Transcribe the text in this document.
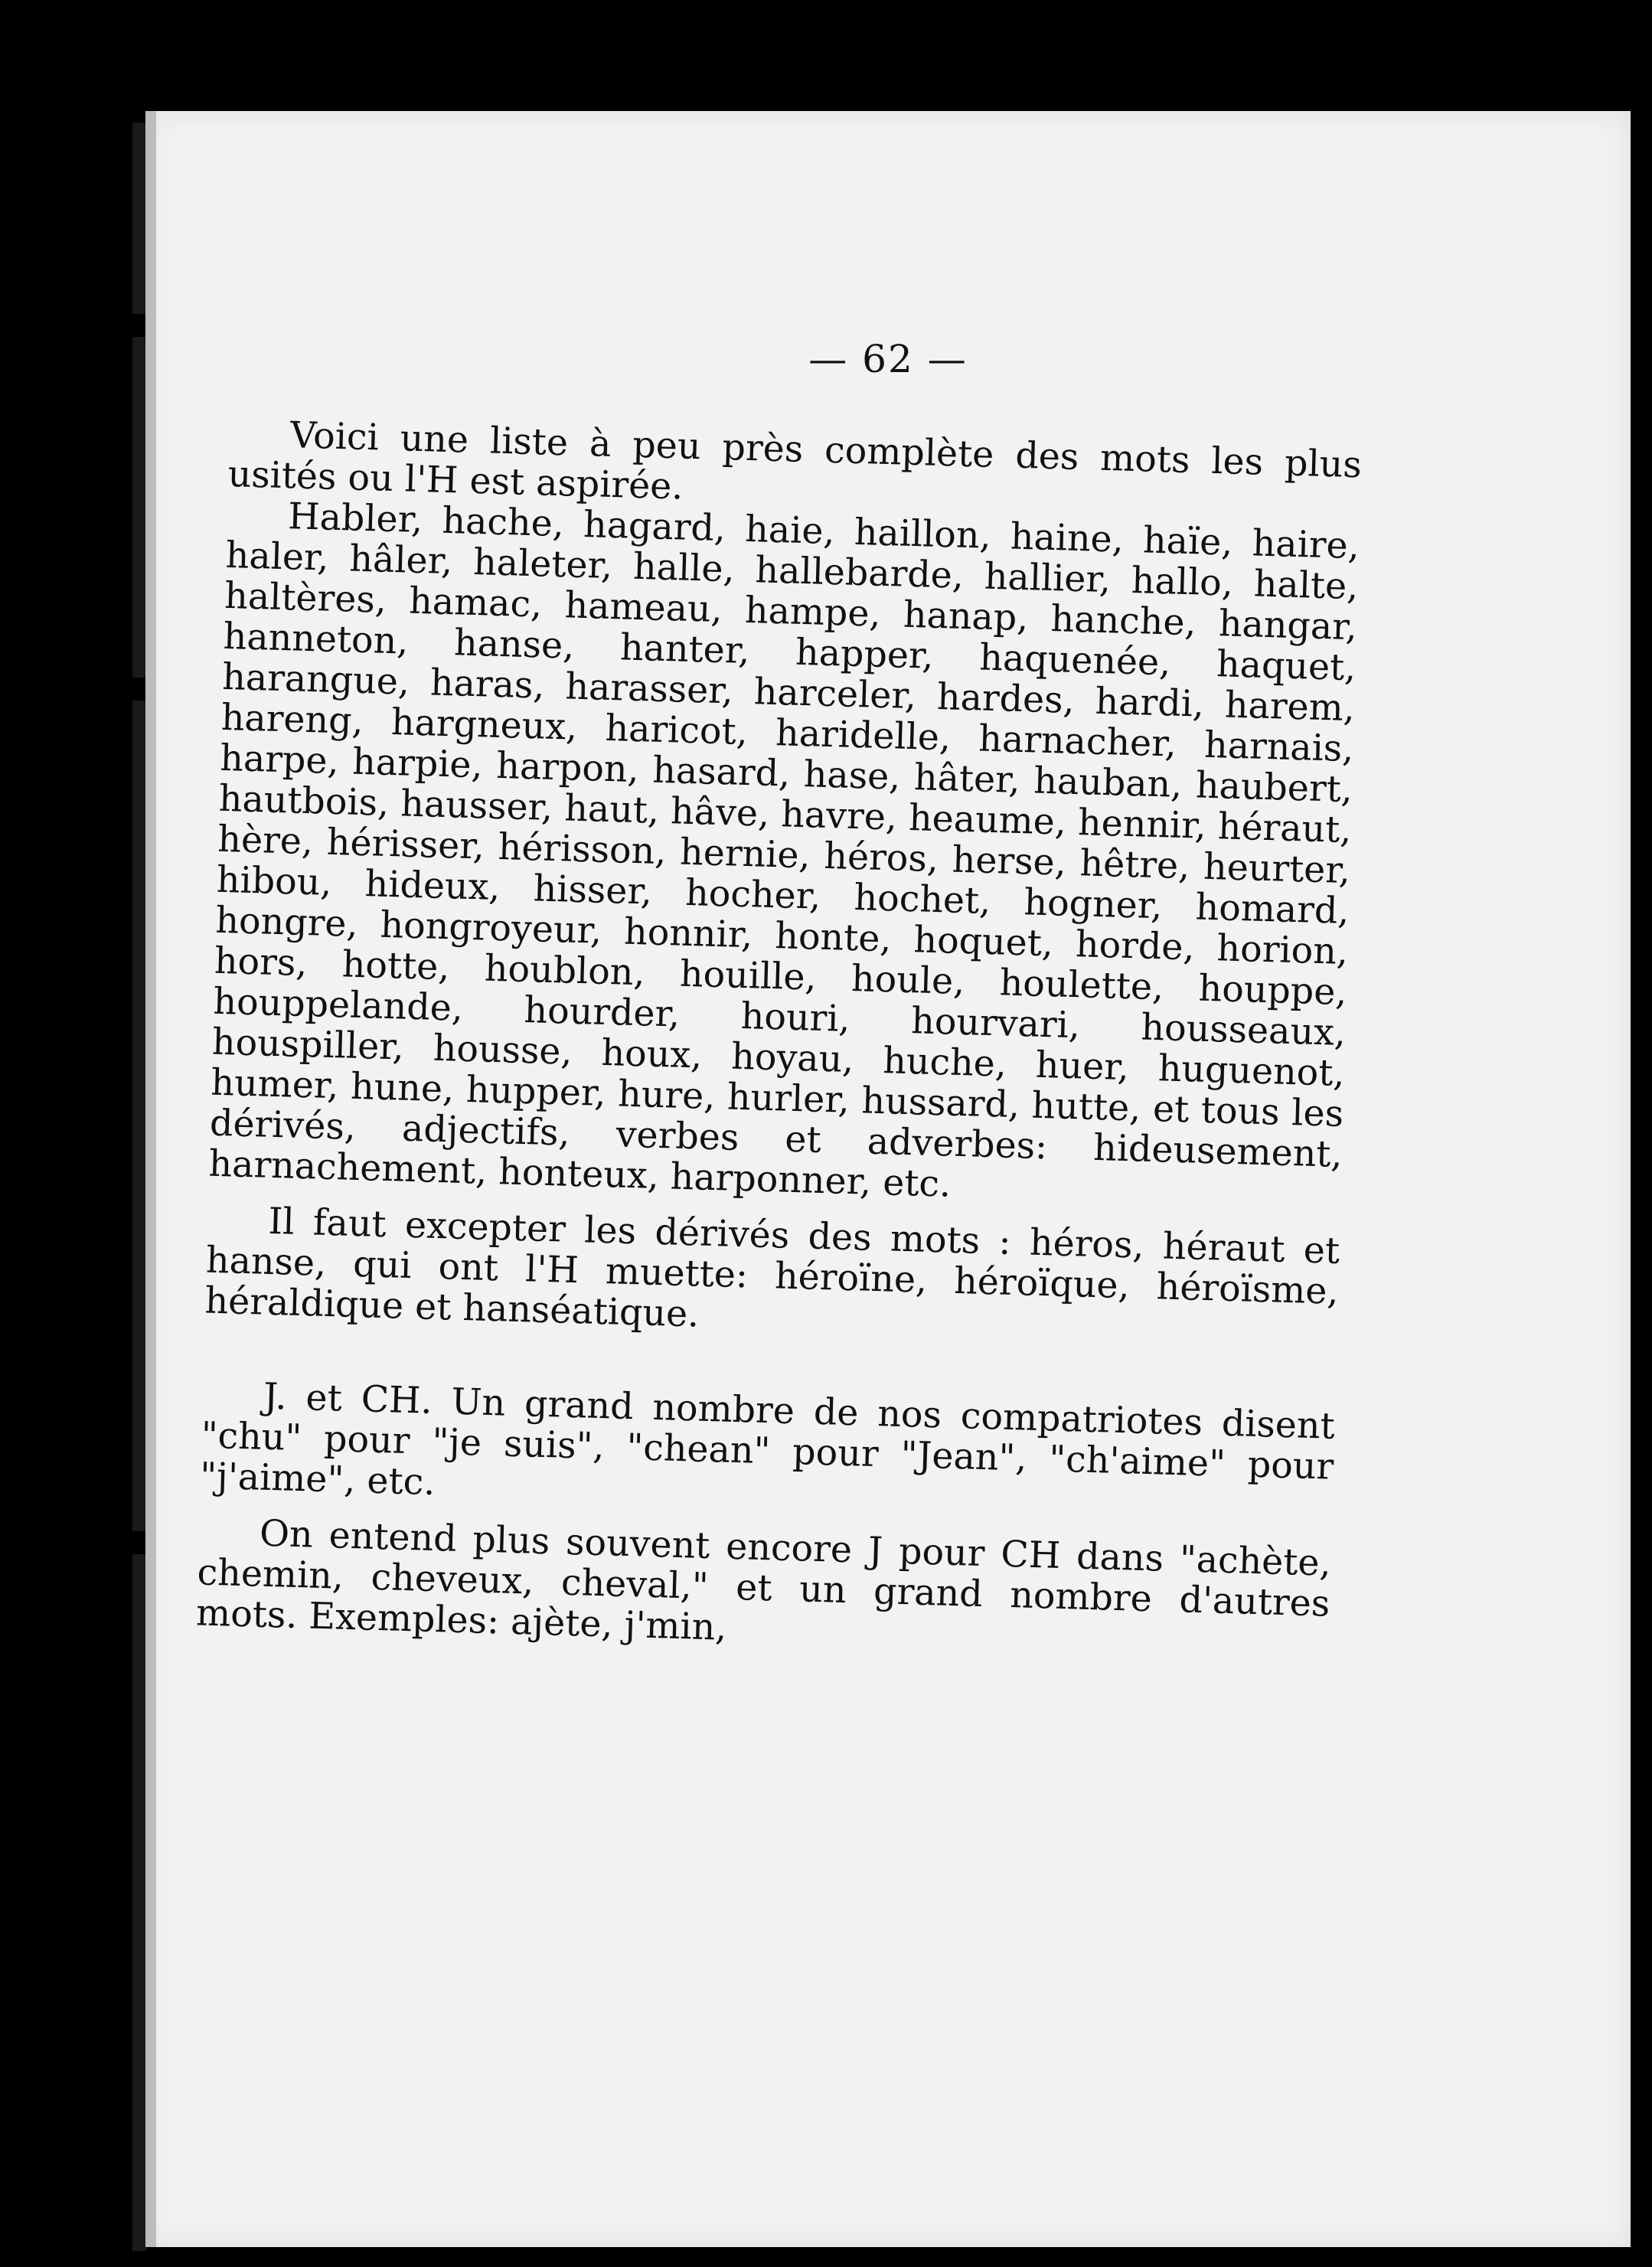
— 62 —

Voici une liste à peu près complète des mots les plus usités ou l'H est aspirée.

Habler, hache, hagard, haie, haillon, haine, haïe, haire, haler, hâler, haleter, halle, hallebarde, hallier, hallo, halte, haltères, hamac, hameau, hampe, hanap, hanche, hangar, hanneton, hanse, hanter, happer, haquenée, haquet, harangue, haras, harasser, harceler, hardes, hardi, harem, hareng, hargneux, haricot, haridelle, harnacher, harnais, harpe, harpie, harpon, hasard, hase, hâter, hauban, haubert, hautbois, hausser, haut, hâve, havre, heaume, hennir, héraut, hère, hérisser, hérisson, hernie, héros, herse, hêtre, heurter, hibou, hideux, hisser, hocher, hochet, hogner, homard, hongre, hongroyeur, honnir, honte, hoquet, horde, horion, hors, hotte, houblon, houille, houle, houlette, houppe, houppelande, hourder, houri, hourvari, housseaux, houspiller, housse, houx, hoyau, huche, huer, huguenot, humer, hune, hupper, hure, hurler, hussard, hutte, et tous les dérivés, adjectifs, verbes et adverbes: hideusement, harnachement, honteux, harponner, etc.

Il faut excepter les dérivés des mots : héros, héraut et hanse, qui ont l'H muette: héroïne, héroïque, héroïsme, héraldique et hanséatique.

J. et CH. Un grand nombre de nos compatriotes disent "chu" pour "je suis", "chean" pour "Jean", "ch'aime" pour "j'aime", etc.

On entend plus souvent encore J pour CH dans "achète, chemin, cheveux, cheval," et un grand nombre d'autres mots. Exemples: ajète, j'min,
